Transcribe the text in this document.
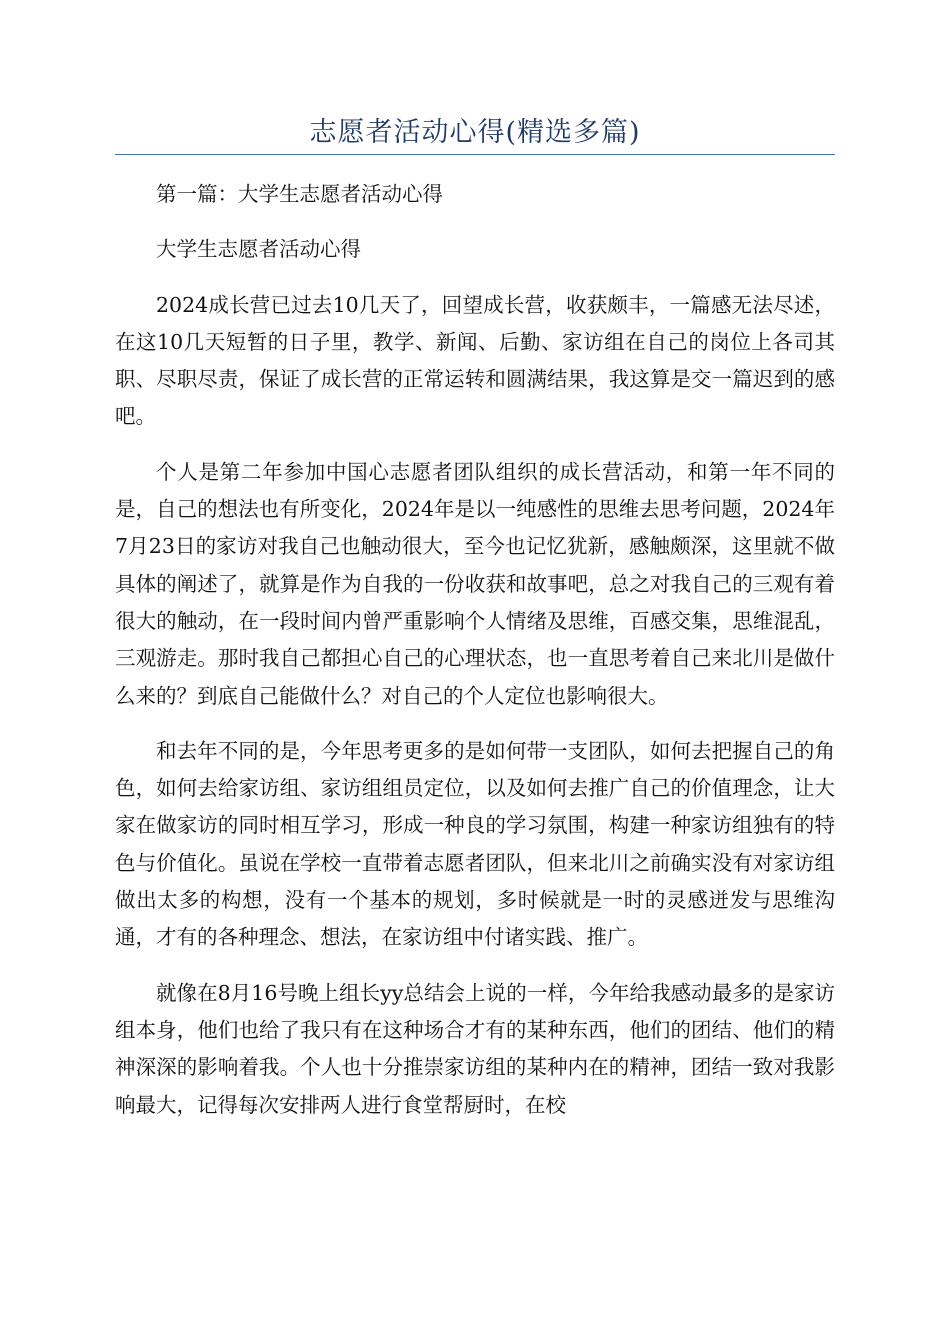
志愿者活动心得(精选多篇)

第一篇：大学生志愿者活动心得

大学生志愿者活动心得

2024成长营已过去10几天了，回望成长营，收获颇丰，一篇感无法尽述，在这10几天短暂的日子里，教学、新闻、后勤、家访组在自己的岗位上各司其职、尽职尽责，保证了成长营的正常运转和圆满结果，我这算是交一篇迟到的感吧。

个人是第二年参加中国心志愿者团队组织的成长营活动，和第一年不同的是，自己的想法也有所变化，2024年是以一纯感性的思维去思考问题，2024年7月23日的家访对我自己也触动很大，至今也记忆犹新，感触颇深，这里就不做具体的阐述了，就算是作为自我的一份收获和故事吧，总之对我自己的三观有着很大的触动，在一段时间内曾严重影响个人情绪及思维，百感交集，思维混乱，三观游走。那时我自己都担心自己的心理状态，也一直思考着自己来北川是做什么来的？到底自己能做什么？对自己的个人定位也影响很大。

和去年不同的是，今年思考更多的是如何带一支团队，如何去把握自己的角色，如何去给家访组、家访组组员定位，以及如何去推广自己的价值理念，让大家在做家访的同时相互学习，形成一种良的学习氛围，构建一种家访组独有的特色与价值化。虽说在学校一直带着志愿者团队，但来北川之前确实没有对家访组做出太多的构想，没有一个基本的规划，多时候就是一时的灵感迸发与思维沟通，才有的各种理念、想法，在家访组中付诸实践、推广。

就像在8月16号晚上组长yy总结会上说的一样，今年给我感动最多的是家访组本身，他们也给了我只有在这种场合才有的某种东西，他们的团结、他们的精神深深的影响着我。个人也十分推崇家访组的某种内在的精神，团结一致对我影响最大，记得每次安排两人进行食堂帮厨时，在校
